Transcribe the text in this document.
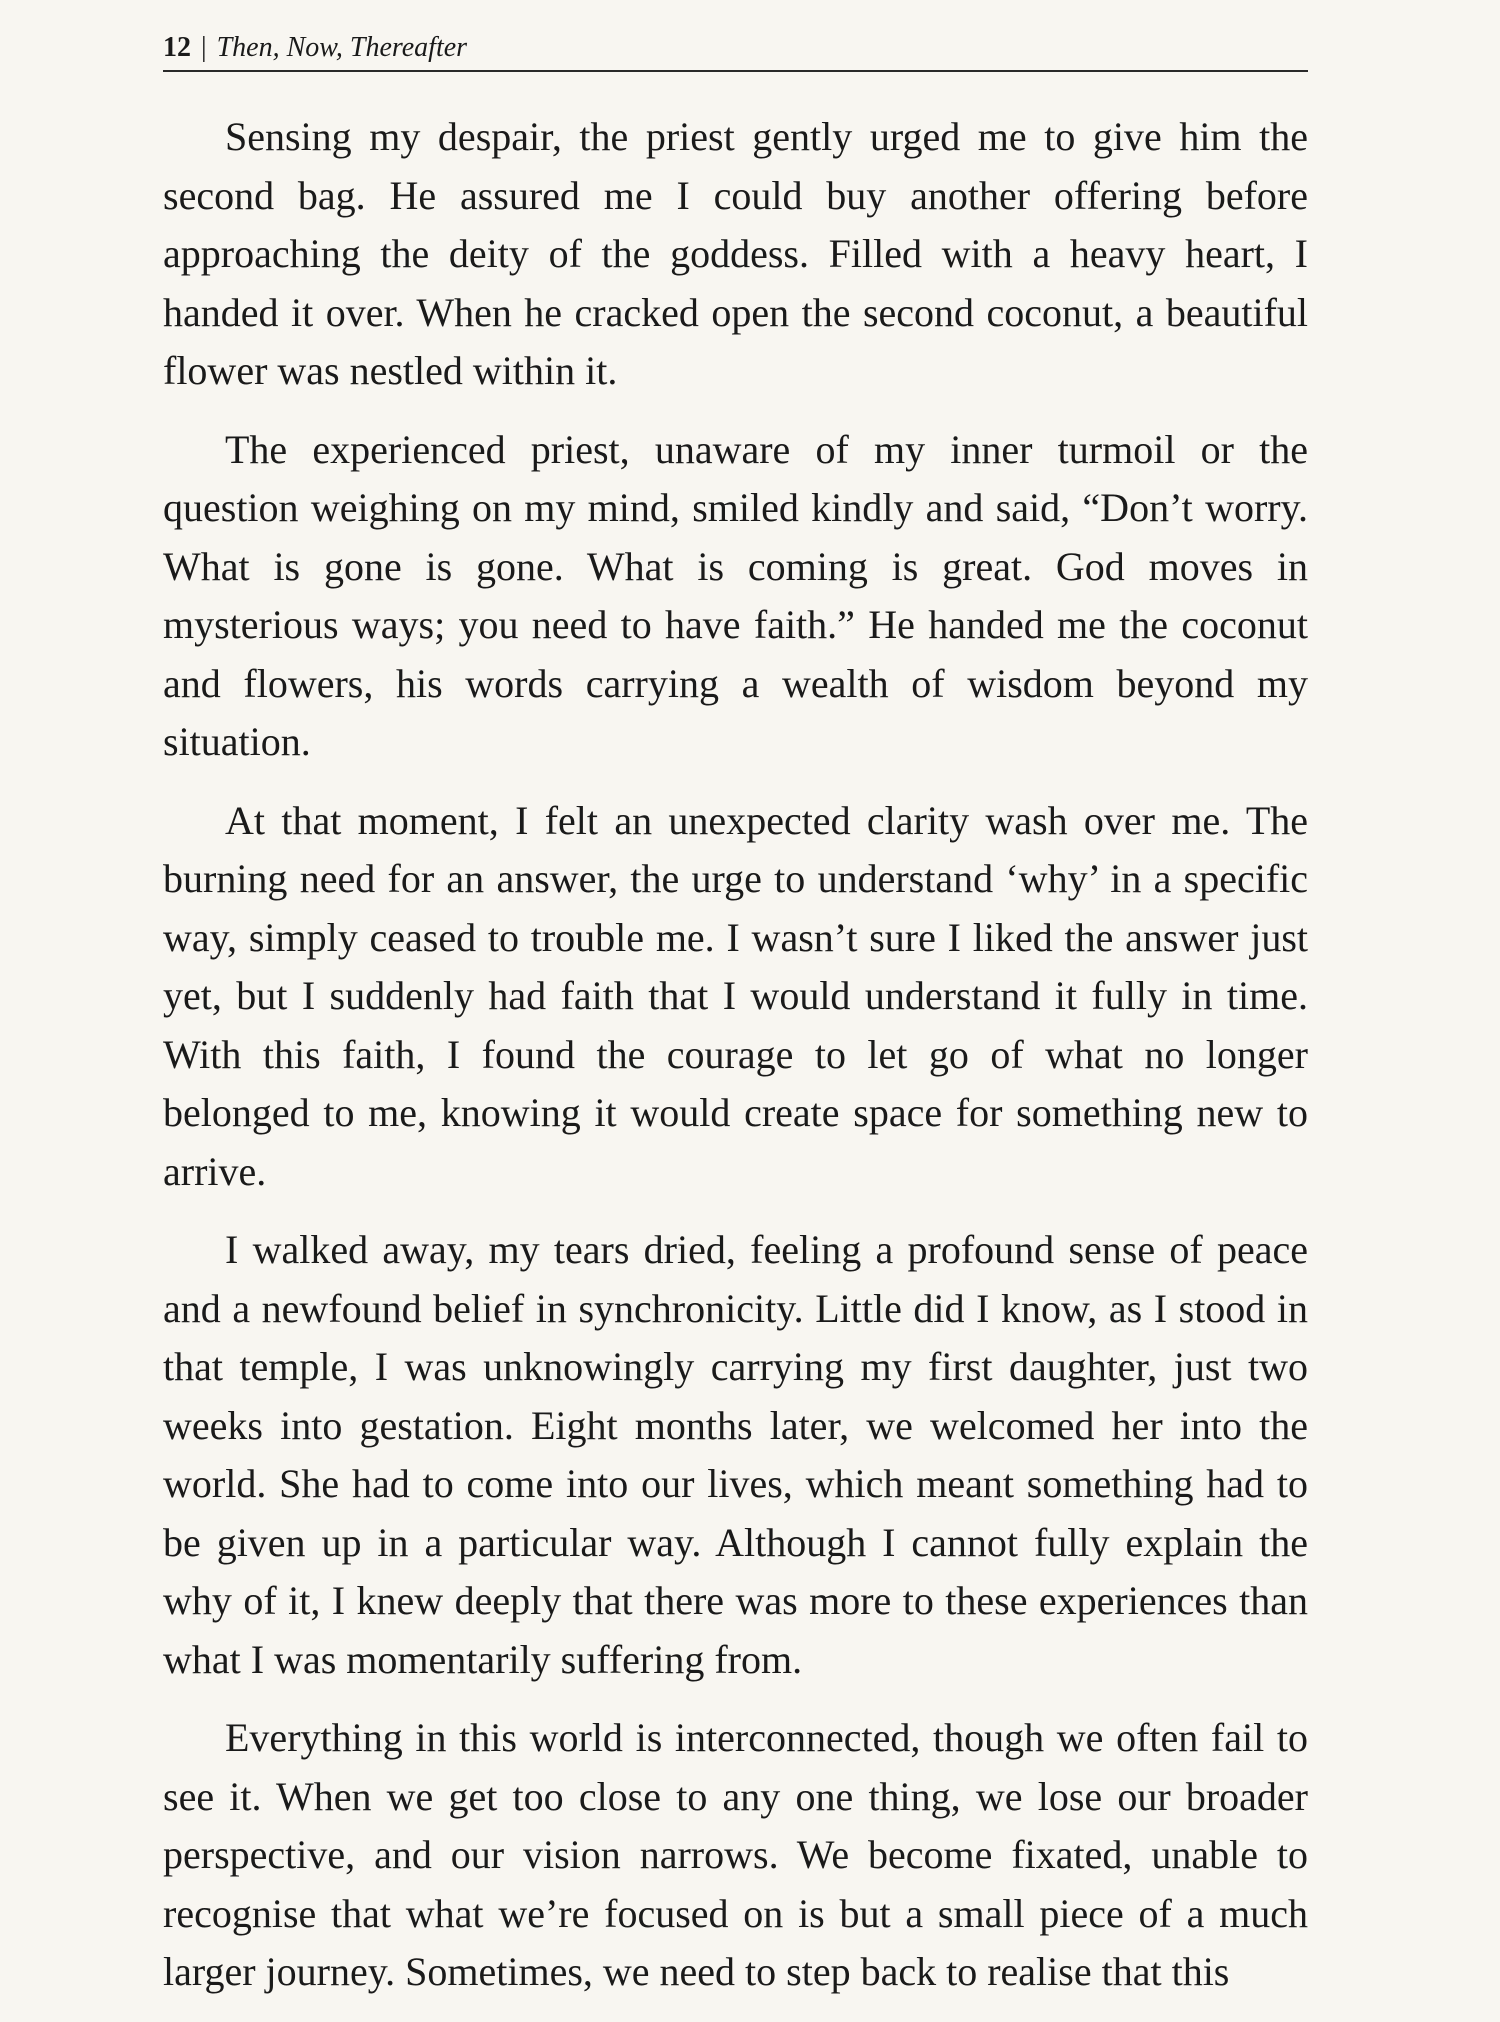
12 | Then, Now, Thereafter

Sensing my despair, the priest gently urged me to give him the second bag. He assured me I could buy another offering before approaching the deity of the goddess. Filled with a heavy heart, I handed it over. When he cracked open the second coconut, a beautiful flower was nestled within it.

The experienced priest, unaware of my inner turmoil or the question weighing on my mind, smiled kindly and said, “Don’t worry. What is gone is gone. What is coming is great. God moves in mysterious ways; you need to have faith.” He handed me the coconut and flowers, his words carrying a wealth of wisdom beyond my situation.

At that moment, I felt an unexpected clarity wash over me. The burning need for an answer, the urge to understand ‘why’ in a specific way, simply ceased to trouble me. I wasn’t sure I liked the answer just yet, but I suddenly had faith that I would understand it fully in time. With this faith, I found the courage to let go of what no longer belonged to me, knowing it would create space for something new to arrive.

I walked away, my tears dried, feeling a profound sense of peace and a newfound belief in synchronicity. Little did I know, as I stood in that temple, I was unknowingly carrying my first daughter, just two weeks into gestation. Eight months later, we welcomed her into the world. She had to come into our lives, which meant something had to be given up in a particular way. Although I cannot fully explain the why of it, I knew deeply that there was more to these experiences than what I was momentarily suffering from.

Everything in this world is interconnected, though we often fail to see it. When we get too close to any one thing, we lose our broader perspective, and our vision narrows. We become fixated, unable to recognise that what we’re focused on is but a small piece of a much larger journey. Sometimes, we need to step back to realise that this
